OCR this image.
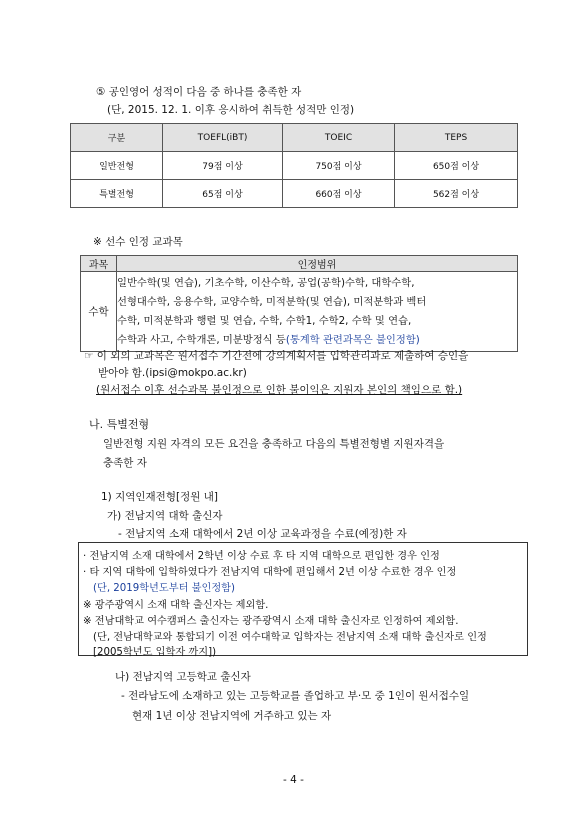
⑤ 공인영어 성적이 다음 중 하나를 충족한 자
(단, 2015. 12. 1. 이후 응시하여 취득한 성적만 인정)
구분	TOEFL(iBT)	TOEIC	TEPS
일반전형	79점 이상	750점 이상	650점 이상
특별전형	65점 이상	660점 이상	562점 이상
※ 선수 인정 교과목
과목	인정범위
수학	일반수학(및 연습), 기초수학, 이산수학, 공업(공학)수학, 대학수학,
선형대수학, 응용수학, 교양수학, 미적분학(및 연습), 미적분학과 벡터
수학, 미적분학과 행렬 및 연습, 수학, 수학1, 수학2, 수학 및 연습,
수학과 사고, 수학개론, 미분방정식 등(통계학 관련과목은 불인정함)
☞ 이 외의 교과목은 원서접수 기간전에 강의계획서를 입학관리과로 제출하여 승인을
받아야 함.(ipsi@mokpo.ac.kr)
(원서접수 이후 선수과목 불인정으로 인한 불이익은 지원자 본인의 책임으로 함.)
나. 특별전형
일반전형 지원 자격의 모든 요건을 충족하고 다음의 특별전형별 지원자격을
충족한 자
1) 지역인재전형[정원 내]
가) 전남지역 대학 출신자
- 전남지역 소재 대학에서 2년 이상 교육과정을 수료(예정)한 자
· 전남지역 소재 대학에서 2학년 이상 수료 후 타 지역 대학으로 편입한 경우 인정
· 타 지역 대학에 입학하였다가 전남지역 대학에 편입해서 2년 이상 수료한 경우 인정
(단, 2019학년도부터 불인정함)
※ 광주광역시 소재 대학 출신자는 제외함.
※ 전남대학교 여수캠퍼스 출신자는 광주광역시 소재 대학 출신자로 인정하여 제외함.
(단, 전남대학교와 통합되기 이전 여수대학교 입학자는 전남지역 소재 대학 출신자로 인정
[2005학년도 입학자 까지])
나) 전남지역 고등학교 출신자
- 전라남도에 소재하고 있는 고등학교를 졸업하고 부·모 중 1인이 원서접수일
현재 1년 이상 전남지역에 거주하고 있는 자
- 4 -
